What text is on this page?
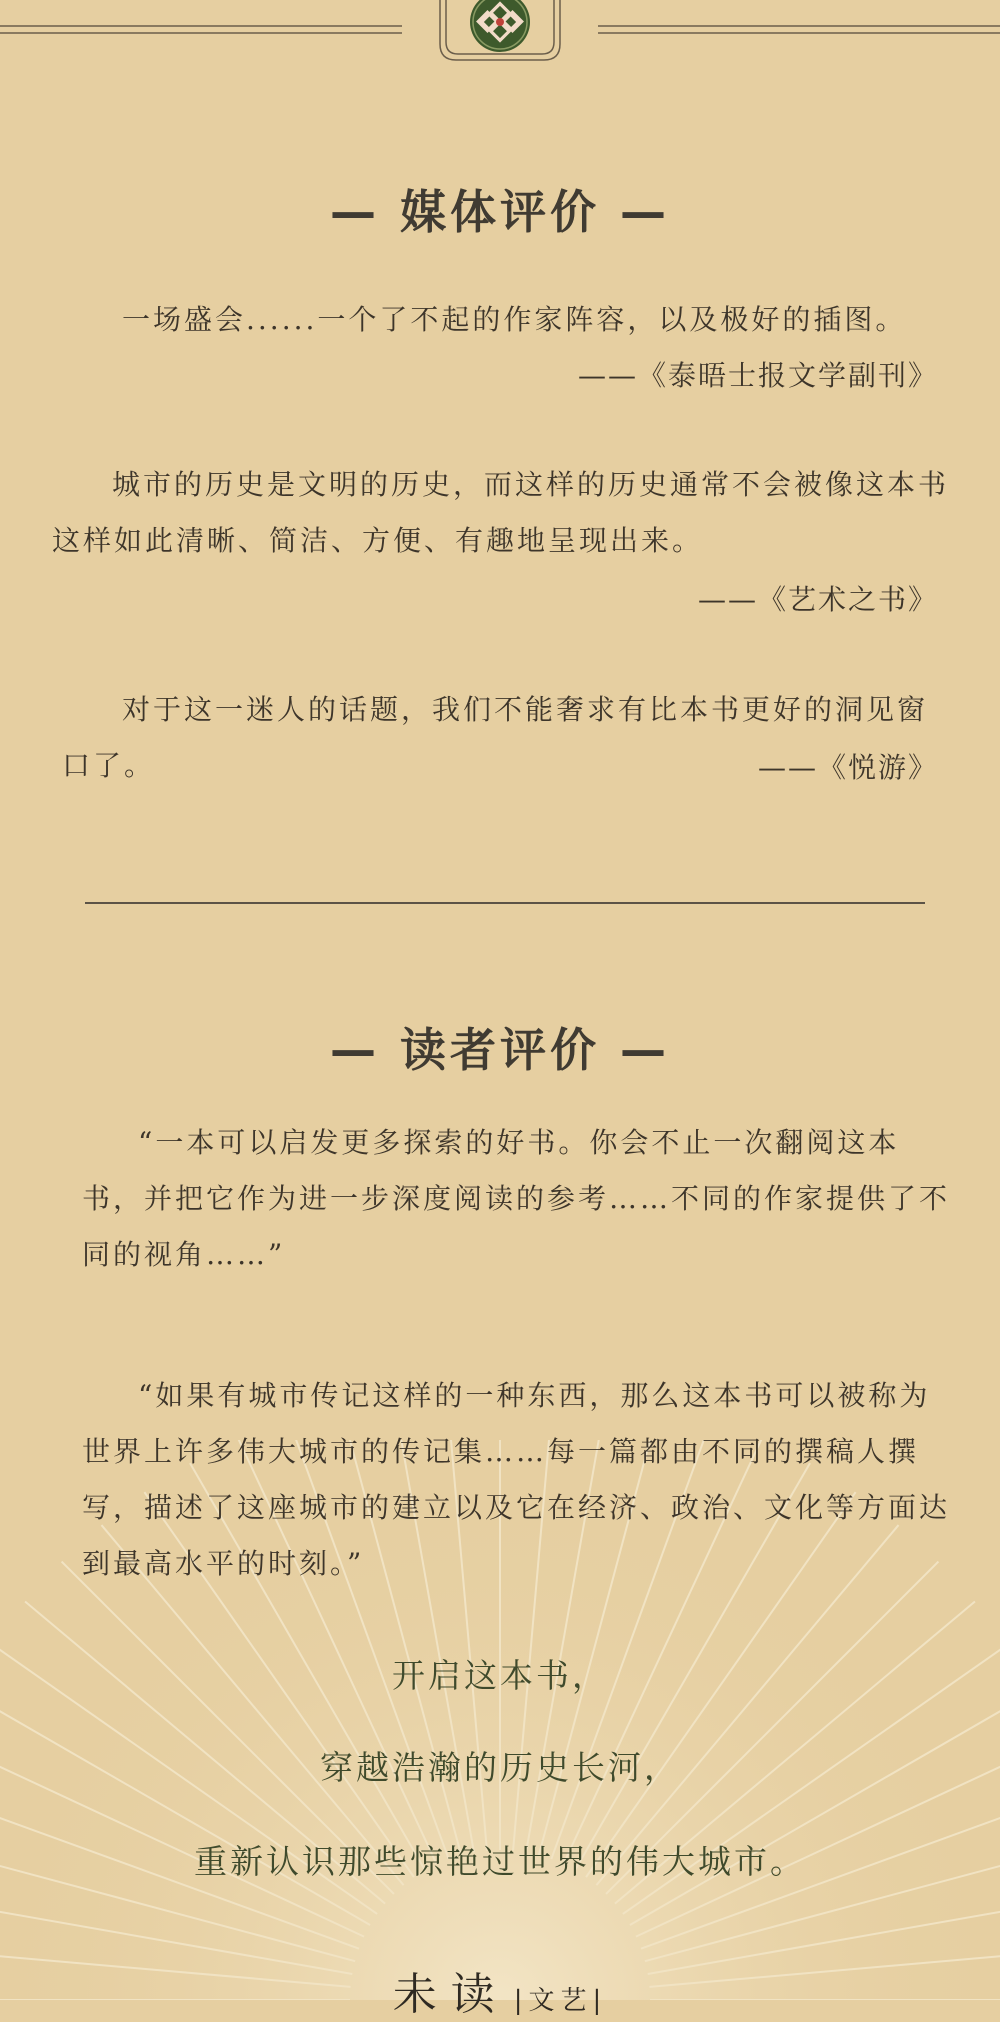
— 媒体评价 —

一场盛会......一个了不起的作家阵容，以及极好的插图。

——《泰晤士报文学副刊》

城市的历史是文明的历史，而这样的历史通常不会被像这本书这样如此清晰、简洁、方便、有趣地呈现出来。

——《艺术之书》

对于这一迷人的话题，我们不能奢求有比本书更好的洞见窗口了。	——《悦游》
— 读者评价 —

“一本可以启发更多探索的好书。你会不止一次翻阅这本书，并把它作为进一步深度阅读的参考……不同的作家提供了不同的视角……”

“如果有城市传记这样的一种东西，那么这本书可以被称为世界上许多伟大城市的传记集……每一篇都由不同的撰稿人撰写，描述了这座城市的建立以及它在经济、政治、文化等方面达到最高水平的时刻。”

开启这本书，
穿越浩瀚的历史长河，
重新认识那些惊艳过世界的伟大城市。
未读 |文艺|
